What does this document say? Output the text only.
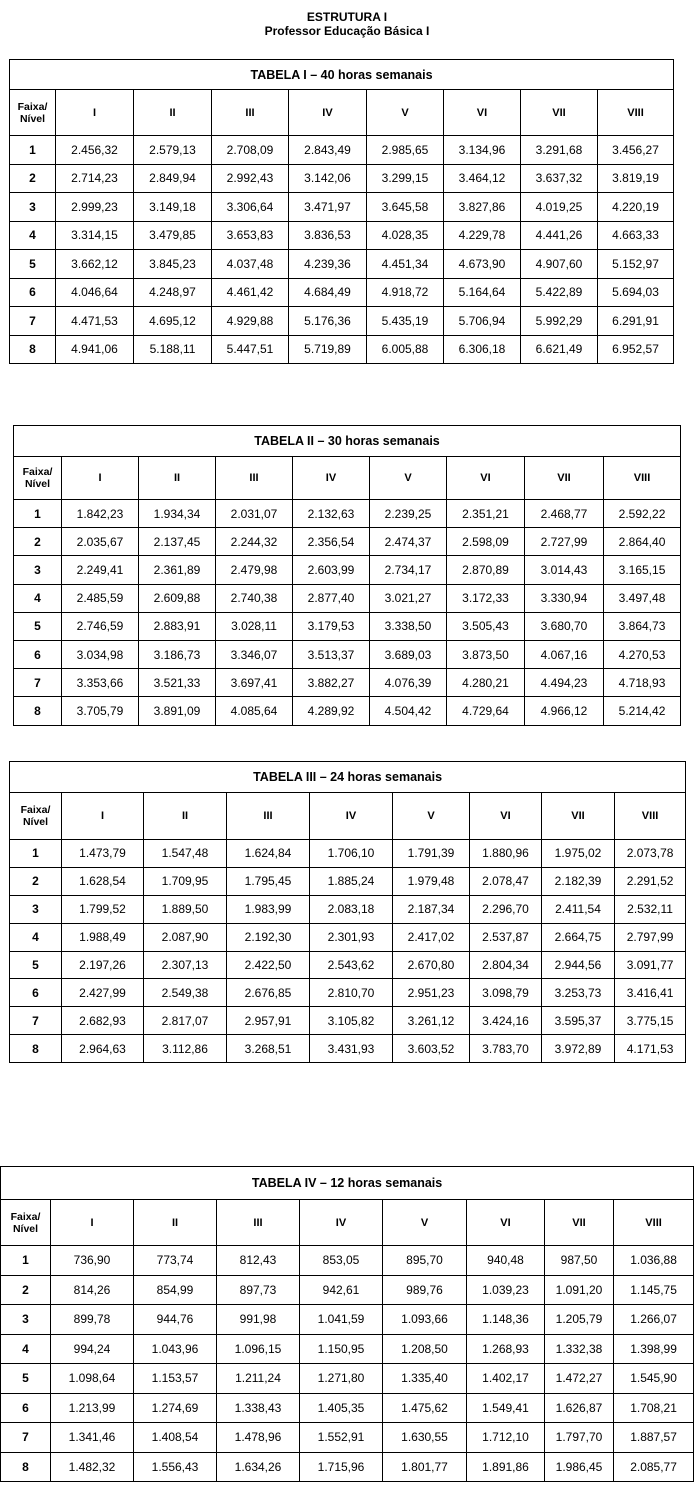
ESTRUTURA I
Professor Educação Básica I
TABELA I – 40 horas semanais								
Faixa/
Nível	I	II	III	IV	V	VI	VII	VIII
1	2.456,32	2.579,13	2.708,09	2.843,49	2.985,65	3.134,96	3.291,68	3.456,27
2	2.714,23	2.849,94	2.992,43	3.142,06	3.299,15	3.464,12	3.637,32	3.819,19
3	2.999,23	3.149,18	3.306,64	3.471,97	3.645,58	3.827,86	4.019,25	4.220,19
4	3.314,15	3.479,85	3.653,83	3.836,53	4.028,35	4.229,78	4.441,26	4.663,33
5	3.662,12	3.845,23	4.037,48	4.239,36	4.451,34	4.673,90	4.907,60	5.152,97
6	4.046,64	4.248,97	4.461,42	4.684,49	4.918,72	5.164,64	5.422,89	5.694,03
7	4.471,53	4.695,12	4.929,88	5.176,36	5.435,19	5.706,94	5.992,29	6.291,91
8	4.941,06	5.188,11	5.447,51	5.719,89	6.005,88	6.306,18	6.621,49	6.952,57
TABELA II – 30 horas semanais								
Faixa/
Nível	I	II	III	IV	V	VI	VII	VIII
1	1.842,23	1.934,34	2.031,07	2.132,63	2.239,25	2.351,21	2.468,77	2.592,22
2	2.035,67	2.137,45	2.244,32	2.356,54	2.474,37	2.598,09	2.727,99	2.864,40
3	2.249,41	2.361,89	2.479,98	2.603,99	2.734,17	2.870,89	3.014,43	3.165,15
4	2.485,59	2.609,88	2.740,38	2.877,40	3.021,27	3.172,33	3.330,94	3.497,48
5	2.746,59	2.883,91	3.028,11	3.179,53	3.338,50	3.505,43	3.680,70	3.864,73
6	3.034,98	3.186,73	3.346,07	3.513,37	3.689,03	3.873,50	4.067,16	4.270,53
7	3.353,66	3.521,33	3.697,41	3.882,27	4.076,39	4.280,21	4.494,23	4.718,93
8	3.705,79	3.891,09	4.085,64	4.289,92	4.504,42	4.729,64	4.966,12	5.214,42
TABELA III – 24 horas semanais								
Faixa/
Nível	I	II	III	IV	V	VI	VII	VIII
1	1.473,79	1.547,48	1.624,84	1.706,10	1.791,39	1.880,96	1.975,02	2.073,78
2	1.628,54	1.709,95	1.795,45	1.885,24	1.979,48	2.078,47	2.182,39	2.291,52
3	1.799,52	1.889,50	1.983,99	2.083,18	2.187,34	2.296,70	2.411,54	2.532,11
4	1.988,49	2.087,90	2.192,30	2.301,93	2.417,02	2.537,87	2.664,75	2.797,99
5	2.197,26	2.307,13	2.422,50	2.543,62	2.670,80	2.804,34	2.944,56	3.091,77
6	2.427,99	2.549,38	2.676,85	2.810,70	2.951,23	3.098,79	3.253,73	3.416,41
7	2.682,93	2.817,07	2.957,91	3.105,82	3.261,12	3.424,16	3.595,37	3.775,15
8	2.964,63	3.112,86	3.268,51	3.431,93	3.603,52	3.783,70	3.972,89	4.171,53
TABELA IV – 12 horas semanais								
Faixa/
Nível	I	II	III	IV	V	VI	VII	VIII
1	736,90	773,74	812,43	853,05	895,70	940,48	987,50	1.036,88
2	814,26	854,99	897,73	942,61	989,76	1.039,23	1.091,20	1.145,75
3	899,78	944,76	991,98	1.041,59	1.093,66	1.148,36	1.205,79	1.266,07
4	994,24	1.043,96	1.096,15	1.150,95	1.208,50	1.268,93	1.332,38	1.398,99
5	1.098,64	1.153,57	1.211,24	1.271,80	1.335,40	1.402,17	1.472,27	1.545,90
6	1.213,99	1.274,69	1.338,43	1.405,35	1.475,62	1.549,41	1.626,87	1.708,21
7	1.341,46	1.408,54	1.478,96	1.552,91	1.630,55	1.712,10	1.797,70	1.887,57
8	1.482,32	1.556,43	1.634,26	1.715,96	1.801,77	1.891,86	1.986,45	2.085,77
